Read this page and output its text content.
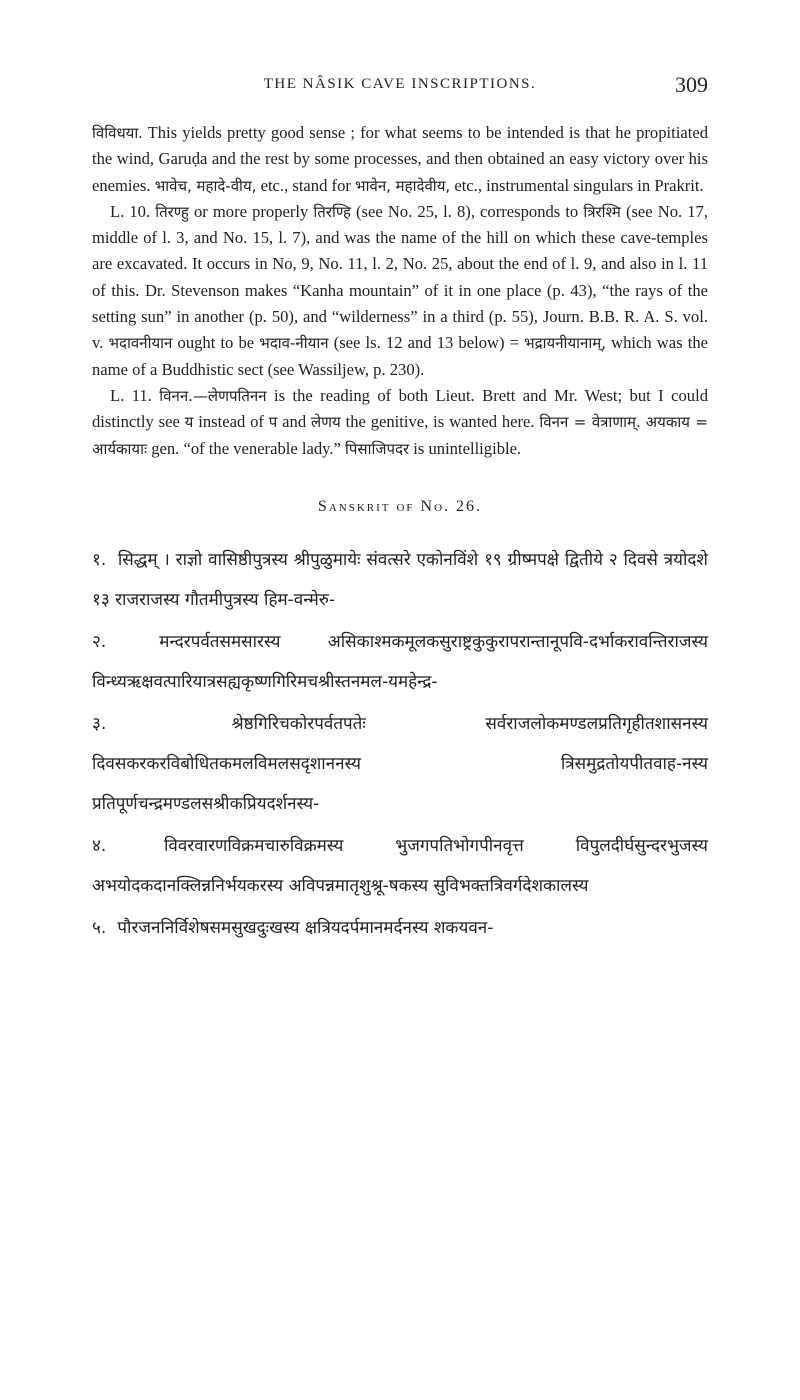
THE NÂSIK CAVE INSCRIPTIONS.	309

विविधया. This yields pretty good sense ; for what seems to be intended is that he propitiated the wind, Garuḍa and the rest by some processes, and then obtained an easy victory over his enemies. भावेच, महादे-वीय, etc., stand for भावेन, महादेवीय, etc., instrumental singulars in Prakrit.

L. 10. तिरण्हु or more properly तिरण्हि (see No. 25, l. 8), corresponds to त्रिरश्मि (see No. 17, middle of l. 3, and No. 15, l. 7), and was the name of the hill on which these cave-temples are excavated. It occurs in No, 9, No. 11, l. 2, No. 25, about the end of l. 9, and also in l. 11 of this. Dr. Stevenson makes “Kanha mountain” of it in one place (p. 43), “the rays of the setting sun” in another (p. 50), and “wilderness” in a third (p. 55), Journ. B.B. R. A. S. vol. v. भदावनीयान ought to be भदाव-नीयान (see ls. 12 and 13 below) = भद्रायनीयानाम्, which was the name of a Buddhistic sect (see Wassiljew, p. 230).

L. 11. विनन.—लेणपतिनन is the reading of both Lieut. Brett and Mr. West; but I could distinctly see य instead of प and लेणय the genitive, is wanted here. विनन = वेत्राणाम्. अयकाय = आर्यकायाः gen. “of the venerable lady.” पिसाजिपदर is unintelligible.

Sanskrit of No. 26.
१. सिद्धम् । राज्ञो वासिष्ठीपुत्रस्य श्रीपुळुमायेः संवत्सरे एकोनविंशे १९ ग्रीष्मपक्षे द्वितीये २ दिवसे त्रयोदशे १३ राजराजस्य गौतमीपुत्रस्य हिम-वन्मेरु-
२.	मन्दरपर्वतसमसारस्य असिकाश्मकमूलकसुराष्ट्रकुकुरापरान्तानूपवि-दर्भाकरावन्तिराजस्य विन्ध्यऋक्षवत्पारियात्रसह्यकृष्णगिरिमचश्रीस्तनमल-यमहेन्द्र-
३.	श्रेष्ठगिरिचकोरपर्वतपतेः सर्वराजलोकमण्डलप्रतिगृहीतशासनस्य दिवसकरकरविबोधितकमलविमलसदृशाननस्य त्रिसमुद्रतोयपीतवाह-नस्य प्रतिपूर्णचन्द्रमण्डलसश्रीकप्रियदर्शनस्य-
४.	विवरवारणविक्रमचारुविक्रमस्य भुजगपतिभोगपीनवृत्त विपुलदीर्घसुन्दरभुजस्य अभयोदकदानक्लिन्ननिर्भयकरस्य अविपन्नमातृशुश्रू-षकस्य सुविभक्तत्रिवर्गदेशकालस्य
५. पौरजननिर्विशेषसमसुखदुःखस्य क्षत्रियदर्पमानमर्दनस्य शकयवन-
